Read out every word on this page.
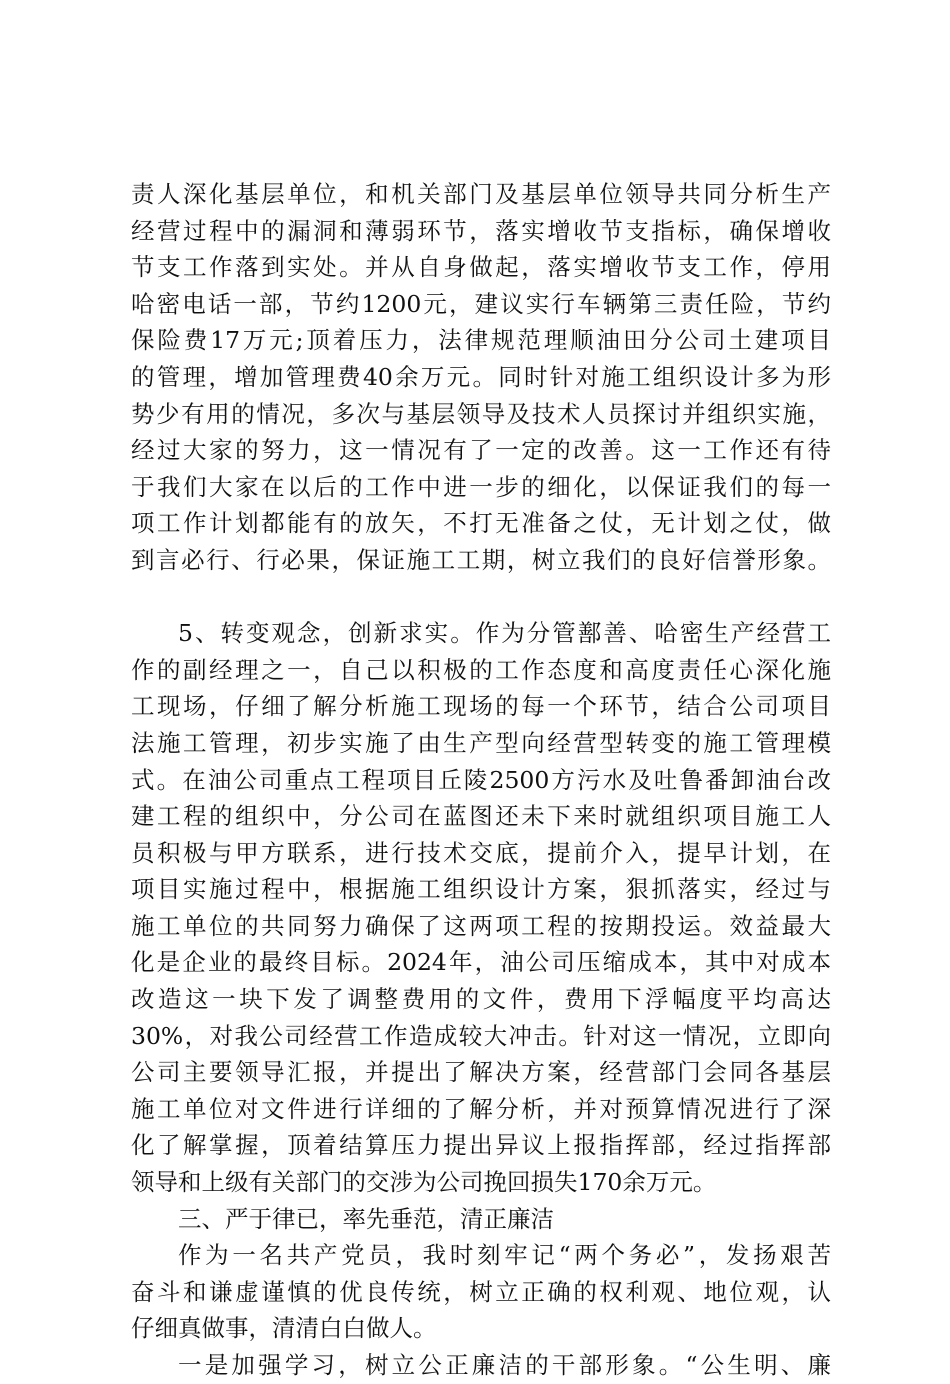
责人深化基层单位，和机关部门及基层单位领导共同分析生产
经营过程中的漏洞和薄弱环节，落实增收节支指标，确保增收
节支工作落到实处。并从自身做起，落实增收节支工作，停用
哈密电话一部，节约1200元，建议实行车辆第三责任险，节约
保险费17万元;顶着压力，法律规范理顺油田分公司土建项目
的管理，增加管理费40余万元。同时针对施工组织设计多为形
势少有用的情况，多次与基层领导及技术人员探讨并组织实施，
经过大家的努力，这一情况有了一定的改善。这一工作还有待
于我们大家在以后的工作中进一步的细化，以保证我们的每一
项工作计划都能有的放矢，不打无准备之仗，无计划之仗，做
到言必行、行必果，保证施工工期，树立我们的良好信誉形象。
5、转变观念，创新求实。作为分管鄯善、哈密生产经营工
作的副经理之一，自己以积极的工作态度和高度责任心深化施
工现场，仔细了解分析施工现场的每一个环节，结合公司项目
法施工管理，初步实施了由生产型向经营型转变的施工管理模
式。在油公司重点工程项目丘陵2500方污水及吐鲁番卸油台改
建工程的组织中，分公司在蓝图还未下来时就组织项目施工人
员积极与甲方联系，进行技术交底，提前介入，提早计划，在
项目实施过程中，根据施工组织设计方案，狠抓落实，经过与
施工单位的共同努力确保了这两项工程的按期投运。效益最大
化是企业的最终目标。2024年，油公司压缩成本，其中对成本
改造这一块下发了调整费用的文件，费用下浮幅度平均高达
30%，对我公司经营工作造成较大冲击。针对这一情况，立即向
公司主要领导汇报，并提出了解决方案，经营部门会同各基层
施工单位对文件进行详细的了解分析，并对预算情况进行了深
化了解掌握，顶着结算压力提出异议上报指挥部，经过指挥部
领导和上级有关部门的交涉为公司挽回损失170余万元。
三、严于律已，率先垂范，清正廉洁
作为一名共产党员，我时刻牢记“两个务必”，发扬艰苦
奋斗和谦虚谨慎的优良传统，树立正确的权利观、地位观，认
仔细真做事，清清白白做人。
一是加强学习，树立公正廉洁的干部形象。“公生明、廉
